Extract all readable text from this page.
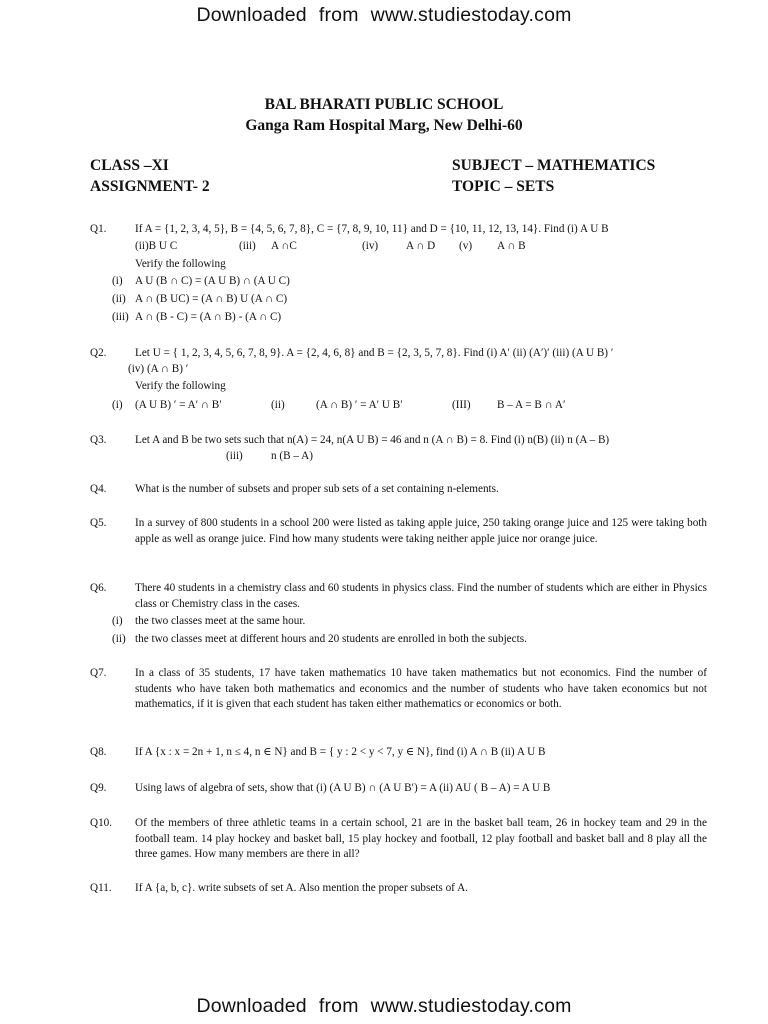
Downloaded from www.studiestoday.com
BAL BHARATI PUBLIC SCHOOL
Ganga Ram Hospital Marg, New Delhi-60
CLASS –XI
ASSIGNMENT- 2
SUBJECT – MATHEMATICS
TOPIC – SETS
Q1.	If A = {1, 2, 3, 4, 5}, B = {4, 5, 6, 7, 8}, C = {7, 8, 9, 10, 11} and D = {10, 11, 12, 13, 14}. Find (i) A U B
(ii)B U C	(iii) A ∩C	(iv) A ∩ D (v) A ∩ B
Verify the following
(i) A U (B ∩ C) = (A U B) ∩ (A U C)
(ii) A ∩ (B UC) = (A ∩ B) U (A ∩ C)
(iii) A ∩ (B - C) = (A ∩ B) - (A ∩ C)
Q2.	Let U = { 1, 2, 3, 4, 5, 6, 7, 8, 9}. A = {2, 4, 6, 8} and B = {2, 3, 5, 7, 8}. Find (i) A′ (ii) (A′)′ (iii) (A U B) ′
(iv) (A ∩ B) ′
Verify the following
(i) (A U B) ′ = A′ ∩ B′	(ii)	(A ∩ B) ′ = A′ U B′	(III) B – A = B ∩ A′
Q3.	Let A and B be two sets such that n(A) = 24, n(A U B) = 46 and n (A ∩ B) = 8. Find (i) n(B) (ii) n (A – B)
(iii)	n (B – A)
Q4.	What is the number of subsets and proper sub sets of a set containing n-elements.
Q5.	In a survey of 800 students in a school 200 were listed as taking apple juice, 250 taking orange juice and 125 were taking both apple as well as orange juice. Find how many students were taking neither apple juice nor orange juice.
Q6.	There 40 students in a chemistry class and 60 students in physics class. Find the number of students which are either in Physics class or Chemistry class in the cases.
(i) the two classes meet at the same hour.
(ii) the two classes meet at different hours and 20 students are enrolled in both the subjects.
Q7.	In a class of 35 students, 17 have taken mathematics 10 have taken mathematics but not economics. Find the number of students who have taken both mathematics and economics and the number of students who have taken economics but not mathematics, if it is given that each student has taken either mathematics or economics or both.
Q8.	If A {x : x = 2n + 1, n ≤ 4, n ∈ N} and B = { y : 2 < y < 7, y ∈ N}, find (i) A ∩ B (ii) A U B
Q9.	Using laws of algebra of sets, show that (i) (A U B) ∩ (A U B′) = A (ii) AU ( B – A) = A U B
Q10. Of the members of three athletic teams in a certain school, 21 are in the basket ball team, 26 in hockey team and 29 in the football team. 14 play hockey and basket ball, 15 play hockey and football, 12 play football and basket ball and 8 play all the three games. How many members are there in all?
Q11. If A {a, b, c}. write subsets of set A. Also mention the proper subsets of A.
Downloaded from www.studiestoday.com
